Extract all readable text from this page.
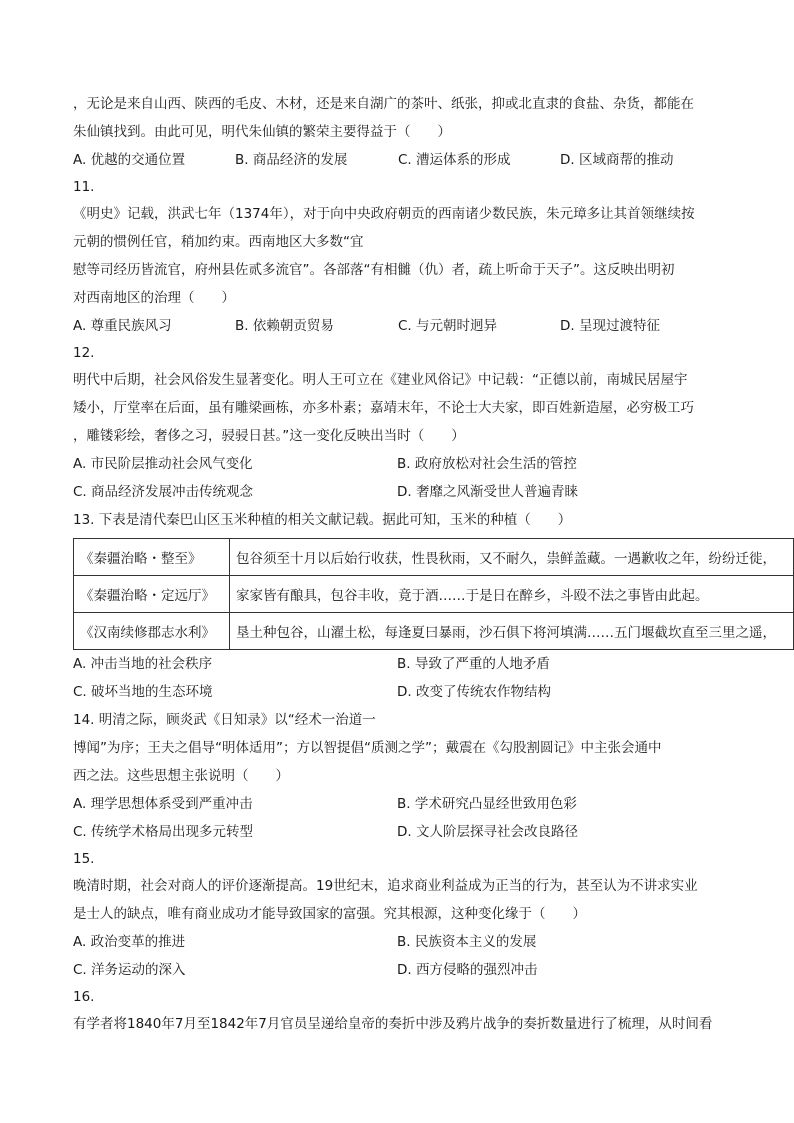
，无论是来自山西、陕西的毛皮、木材，还是来自湖广的茶叶、纸张，抑或北直隶的食盐、杂货，都能在
朱仙镇找到。由此可见，明代朱仙镇的繁荣主要得益于（　　）
A. 优越的交通位置	B. 商品经济的发展	C. 漕运体系的形成	D. 区域商帮的推动
11.
《明史》记载，洪武七年（1374年），对于向中央政府朝贡的西南诸少数民族，朱元璋多让其首领继续按
元朝的惯例任官，稍加约束。西南地区大多数“宜
慰等司经历皆流官，府州县佐贰多流官”。各部落“有相雠（仇）者，疏上听命于天子”。这反映出明初
对西南地区的治理（　　）
A. 尊重民族风习	B. 依赖朝贡贸易	C. 与元朝时迥异	D. 呈现过渡特征
12.
明代中后期，社会风俗发生显著变化。明人王可立在《建业风俗记》中记载：“正德以前，南城民居屋宇
矮小，厅堂率在后面，虽有雕梁画栋，亦多朴素；嘉靖末年，不论士大夫家，即百姓新造屋，必穷极工巧
，雕镂彩绘，奢侈之习，骎骎日甚。”这一变化反映出当时（　　）
A. 市民阶层推动社会风气变化	B. 政府放松对社会生活的管控
C. 商品经济发展冲击传统观念	D. 奢靡之风渐受世人普遍青睐
13. 下表是清代秦巴山区玉米种植的相关文献记载。据此可知，玉米的种植（　　）
《秦疆治略・整至》	包谷须至十月以后始行收获，性畏秋雨，又不耐久，祟鲜盖藏。一遇歉收之年，纷纷迁徙，
《秦疆治略・定远厅》	家家皆有酿具，包谷丰收，竟于酒……于是日在醉乡，斗殴不法之事皆由此起。
《汉南续修郡志水利》	垦土种包谷，山濯土松，每逢夏曰暴雨，沙石俱下将河填满……五门堰截坎直至三里之遥，
A. 冲击当地的社会秩序	B. 导致了严重的人地矛盾
C. 破坏当地的生态环境	D. 改变了传统农作物结构
14. 明清之际，顾炎武《日知录》以“经术一治道一
博闻”为序；王夫之倡导“明体适用”；方以智提倡“质测之学”；戴震在《勾股割圆记》中主张会通中
西之法。这些思想主张说明（　　）
A. 理学思想体系受到严重冲击	B. 学术研究凸显经世致用色彩
C. 传统学术格局出现多元转型	D. 文人阶层探寻社会改良路径
15.
晚清时期，社会对商人的评价逐渐提高。19世纪末，追求商业利益成为正当的行为，甚至认为不讲求实业
是士人的缺点，唯有商业成功才能导致国家的富强。究其根源，这种变化缘于（　　）
A. 政治变革的推进	B. 民族资本主义的发展
C. 洋务运动的深入	D. 西方侵略的强烈冲击
16.
有学者将1840年7月至1842年7月官员呈递给皇帝的奏折中涉及鸦片战争的奏折数量进行了梳理，从时间看
